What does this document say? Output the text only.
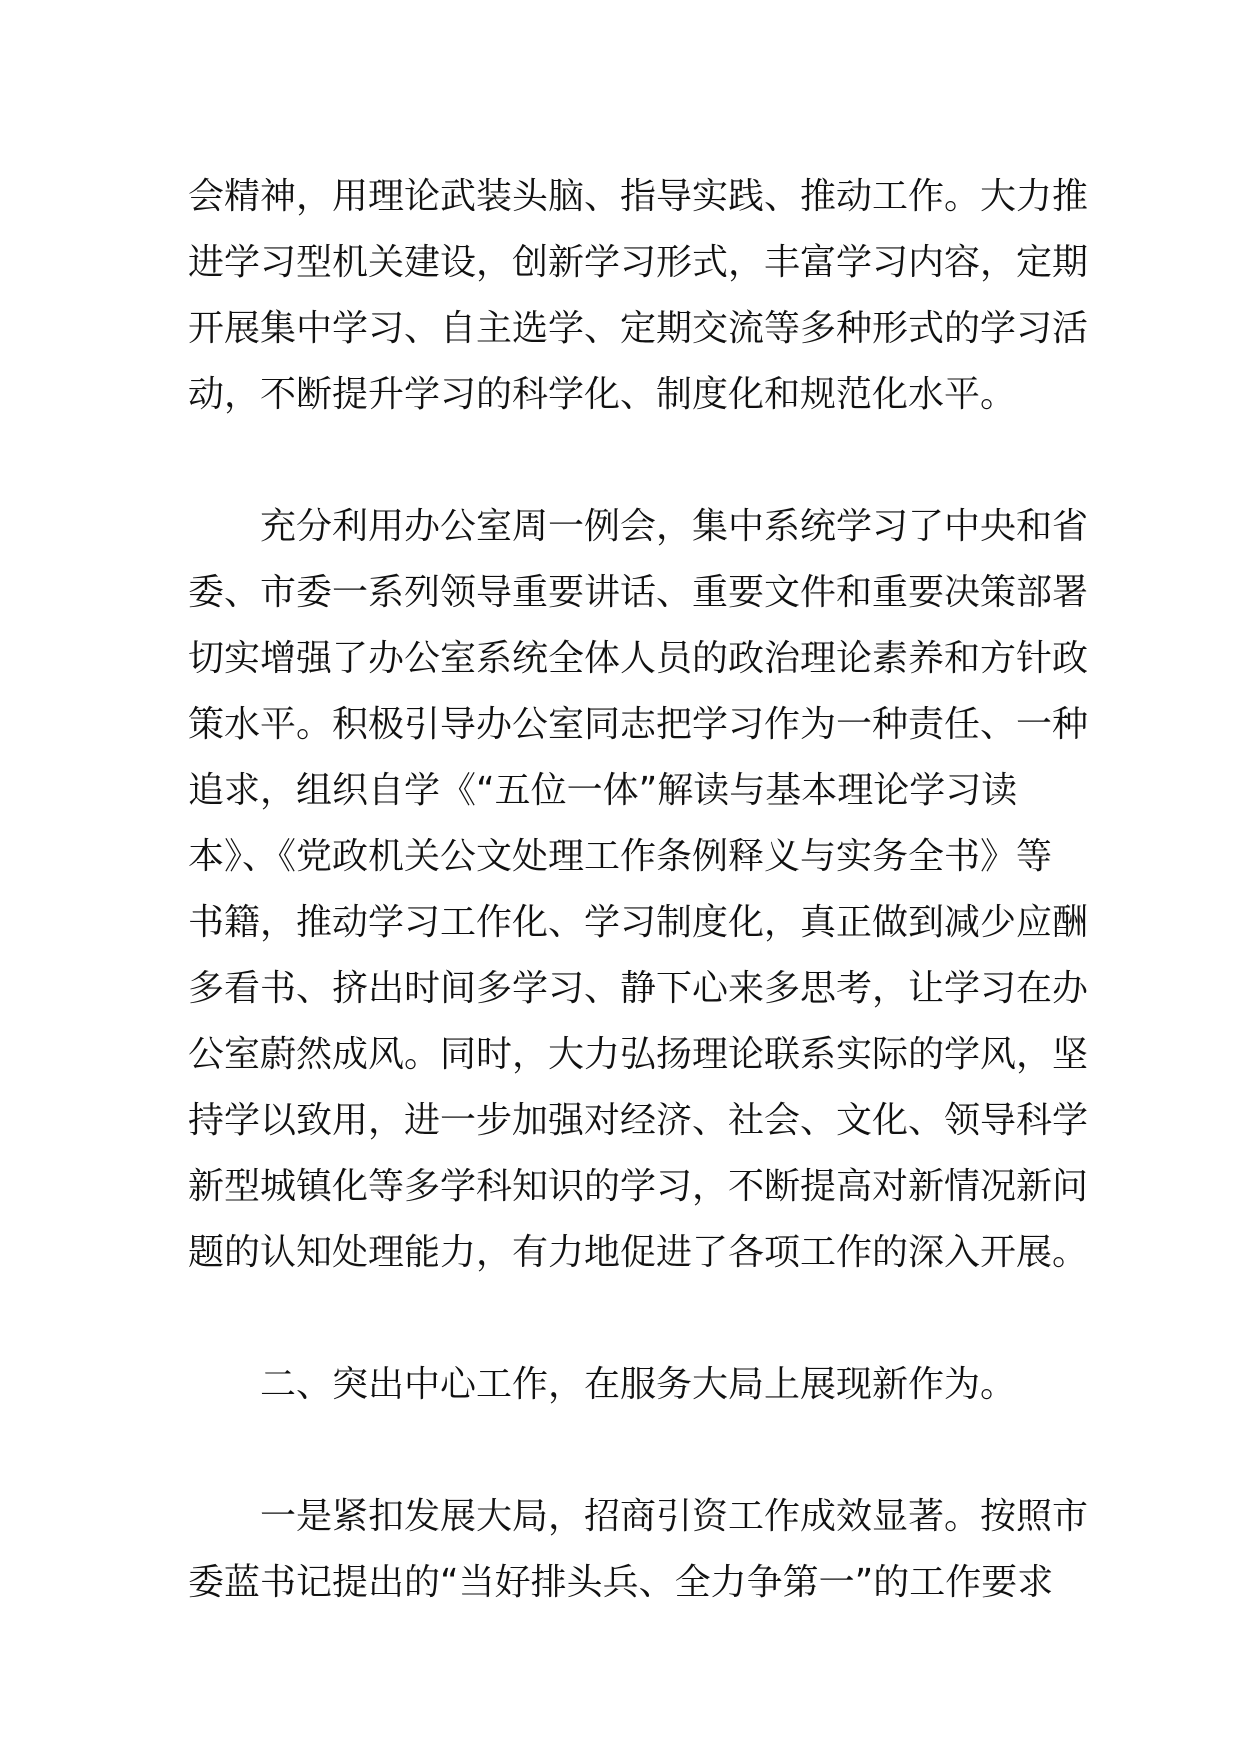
会精神，用理论武装头脑、指导实践、推动工作。大力推
进学习型机关建设，创新学习形式，丰富学习内容，定期
开展集中学习、自主选学、定期交流等多种形式的学习活
动，不断提升学习的科学化、制度化和规范化水平。
　　充分利用办公室周一例会，集中系统学习了中央和省
委、市委一系列领导重要讲话、重要文件和重要决策部署
切实增强了办公室系统全体人员的政治理论素养和方针政
策水平。积极引导办公室同志把学习作为一种责任、一种
追求，组织自学《“五位一体”解读与基本理论学习读
本》、《党政机关公文处理工作条例释义与实务全书》等
书籍，推动学习工作化、学习制度化，真正做到减少应酬
多看书、挤出时间多学习、静下心来多思考，让学习在办
公室蔚然成风。同时，大力弘扬理论联系实际的学风，坚
持学以致用，进一步加强对经济、社会、文化、领导科学
新型城镇化等多学科知识的学习，不断提高对新情况新问
题的认知处理能力，有力地促进了各项工作的深入开展。
　　二、突出中心工作，在服务大局上展现新作为。
　　一是紧扣发展大局，招商引资工作成效显著。按照市
委蓝书记提出的“当好排头兵、全力争第一”的工作要求
